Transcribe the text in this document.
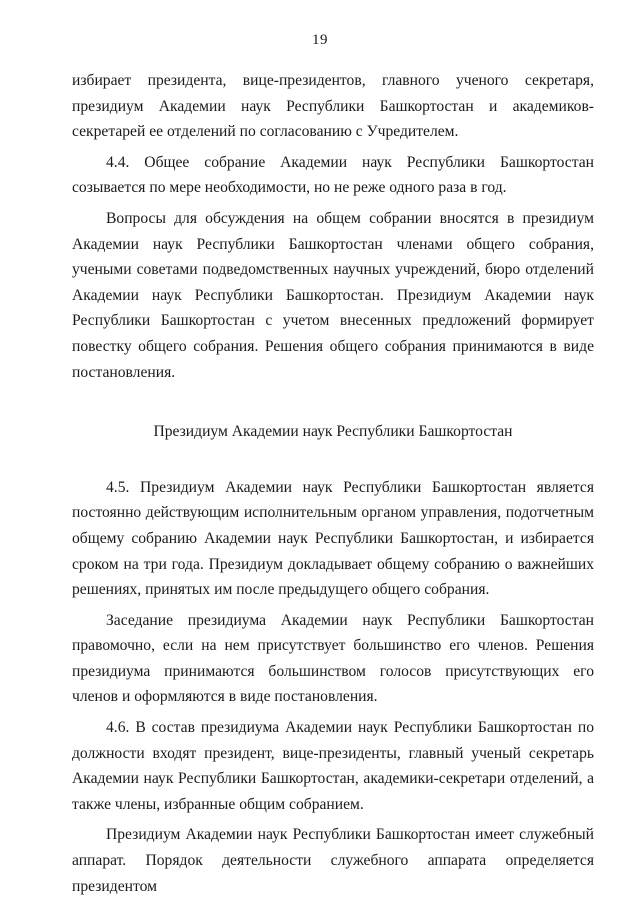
19

избирает президента, вице-президентов, главного ученого секретаря, президиум Академии наук Республики Башкортостан и академиков-секретарей ее отделений по согласованию с Учредителем.

4.4. Общее собрание Академии наук Республики Башкортостан созывается по мере необходимости, но не реже одного раза в год.

Вопросы для обсуждения на общем собрании вносятся в президиум Академии наук Республики Башкортостан членами общего собрания, учеными советами подведомственных научных учреждений, бюро отделений Академии наук Республики Башкортостан. Президиум Академии наук Республики Башкортостан с учетом внесенных предложений формирует повестку общего собрания. Решения общего собрания принимаются в виде постановления.

Президиум Академии наук Республики Башкортостан

4.5. Президиум Академии наук Республики Башкортостан является постоянно действующим исполнительным органом управления, подотчетным общему собранию Академии наук Республики Башкортостан, и избирается сроком на три года. Президиум докладывает общему собранию о важнейших решениях, принятых им после предыдущего общего собрания.

Заседание президиума Академии наук Республики Башкортостан правомочно, если на нем присутствует большинство его членов. Решения президиума принимаются большинством голосов присутствующих его членов и оформляются в виде постановления.

4.6. В состав президиума Академии наук Республики Башкортостан по должности входят президент, вице-президенты, главный ученый секретарь Академии наук Республики Башкортостан, академики-секретари отделений, а также члены, избранные общим собранием.

Президиум Академии наук Республики Башкортостан имеет служебный аппарат. Порядок деятельности служебного аппарата определяется президентом
